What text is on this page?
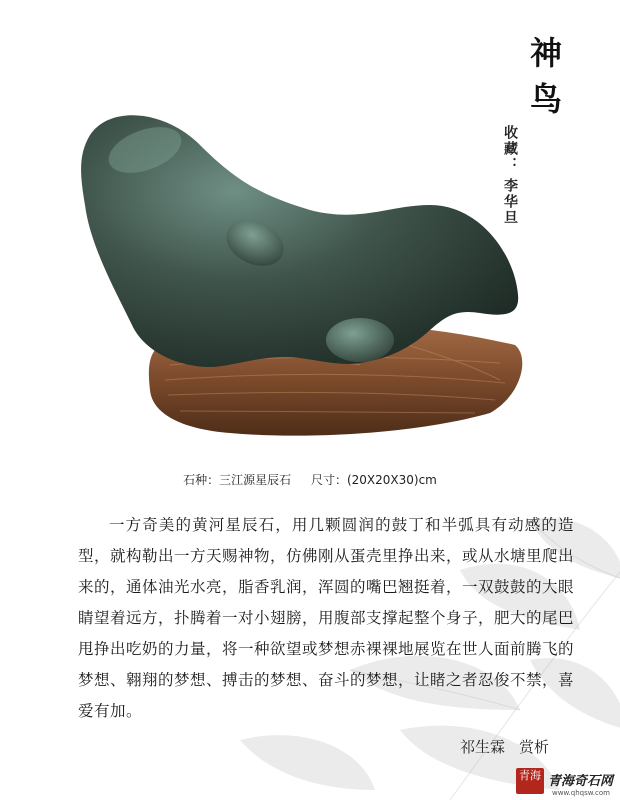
神鸟
收藏：
李华旦
石种：三江源星辰石 尺寸：(20X20X30)cm
一方奇美的黄河星辰石，用几颗圆润的鼓丁和半弧具有动感的造型，就构勒出一方天赐神物，仿佛刚从蛋壳里挣出来，或从水塘里爬出来的，通体油光水亮，脂香乳润，浑圆的嘴巴翘挺着，一双鼓鼓的大眼睛望着远方，扑腾着一对小翅膀，用腹部支撑起整个身子，肥大的尾巴甩挣出吃奶的力量，将一种欲望或梦想赤裸裸地展览在世人面前腾飞的梦想、翱翔的梦想、搏击的梦想、奋斗的梦想，让睹之者忍俊不禁，喜爱有加。
祁生霖 赏析
青海 青海奇石网
www.qhqsw.com
